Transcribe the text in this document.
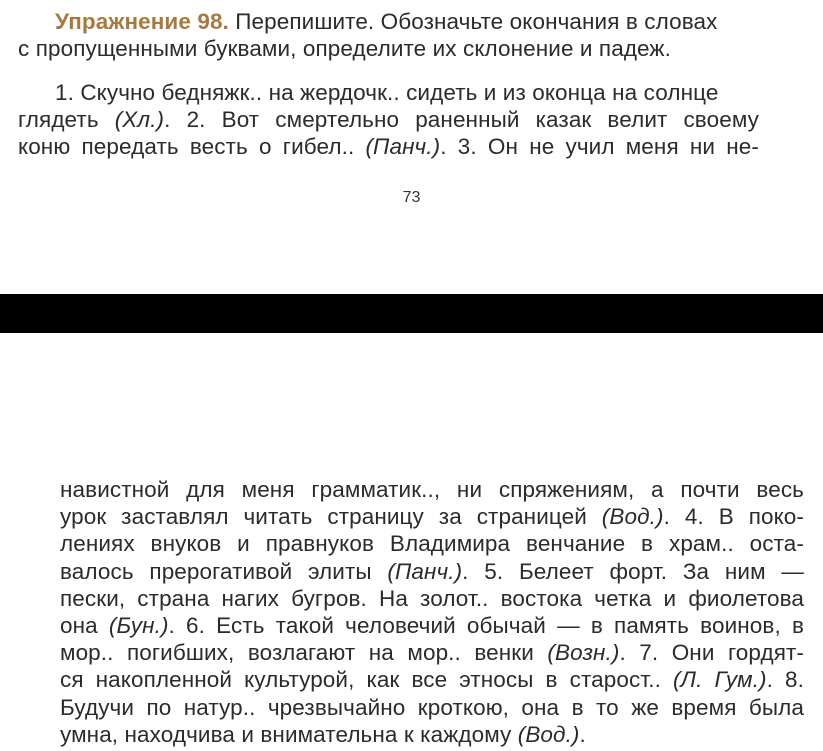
Упражнение 98. Перепишите. Обозначьте окончания в словах
с пропущенными буквами, определите их склонение и падеж.
1. Скучно бедняжк.. на жердочк.. сидеть и из оконца на солнце
глядеть (Хл.). 2. Вот смертельно раненный казак велит своему
коню передать весть о гибел.. (Панч.). 3. Он не учил меня ни не-
73
навистной для меня грамматик.., ни спряжениям, а почти весь
урок заставлял читать страницу за страницей (Вод.). 4. В поко-
лениях внуков и правнуков Владимира венчание в храм.. оста-
валось прерогативой элиты (Панч.). 5. Белеет форт. За ним —
пески, страна нагих бугров. На золот.. востока четка и фиолетова
она (Бун.). 6. Есть такой человечий обычай — в память воинов, в
мор.. погибших, возлагают на мор.. венки (Возн.). 7. Они гордят-
ся накопленной культурой, как все этносы в старост.. (Л. Гум.). 8.
Будучи по натур.. чрезвычайно кроткою, она в то же время была
умна, находчива и внимательна к каждому (Вод.).
